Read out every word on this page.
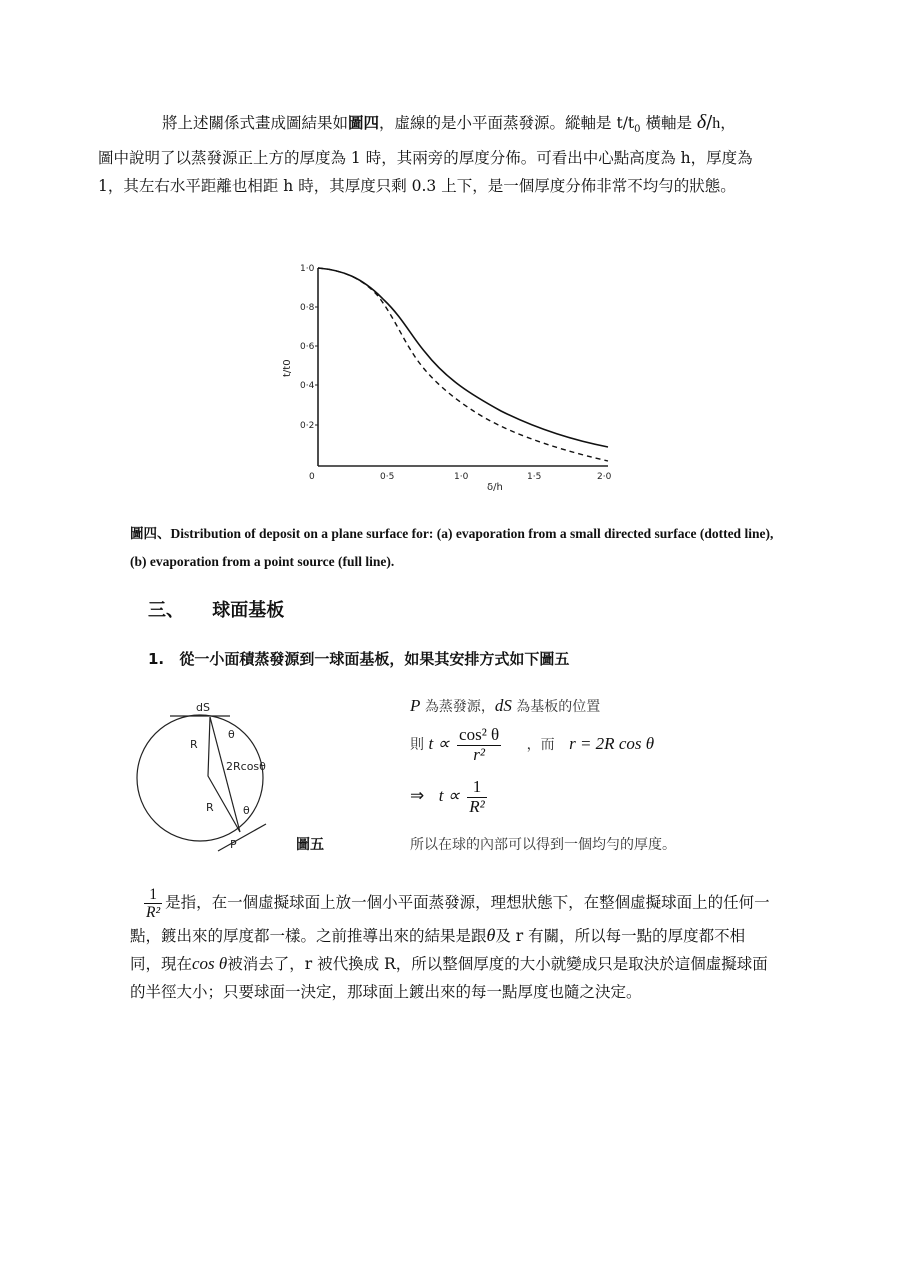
將上述關係式畫成圖結果如圖四，虛線的是小平面蒸發源。縱軸是 $t/t_0$ 橫軸是 δ/h，
圖中說明了以蒸發源正上方的厚度為 1 時，其兩旁的厚度分佈。可看出中心點高度為 h，厚度為 1，其左右水平距離也相距 h 時，其厚度只剩 0.3 上下，是一個厚度分佈非常不均勻的狀態。
1·0
0·8
0·6
0·4
0·2
0	0·5	1·0	1·5	2·0
δ/h
t/t0
圖四、Distribution of deposit on a plane surface for: (a) evaporation from a small directed surface (dotted line), (b) evaporation from a point source (full line).
三、 球面基板
1. 從一小面積蒸發源到一球面基板，如果其安排方式如下圖五
dS
P
R
R
2Rcosθ
θ
θ
圖五
P 為蒸發源，dS 為基板的位置
則 $t \propto \frac{\text{cos² θ}}{\text{r²}}$ ，而 r = 2R cos θ
⇒ $t \propto \frac{1}{\text{R²}}$
所以在球的內部可以得到一個均勻的厚度。
$\frac{1}{\text{R²}}$ 是指，在一個虛擬球面上放一個小平面蒸發源，理想狀態下，在整個虛擬球面上的任何一點，鍍出來的厚度都一樣。之前推導出來的結果是跟θ及 r 有關，所以每一點的厚度都不相同，現在cos θ被消去了，r 被代換成 R，所以整個厚度的大小就變成只是取決於這個虛擬球面的半徑大小；只要球面一決定，那球面上鍍出來的每一點厚度也隨之決定。
